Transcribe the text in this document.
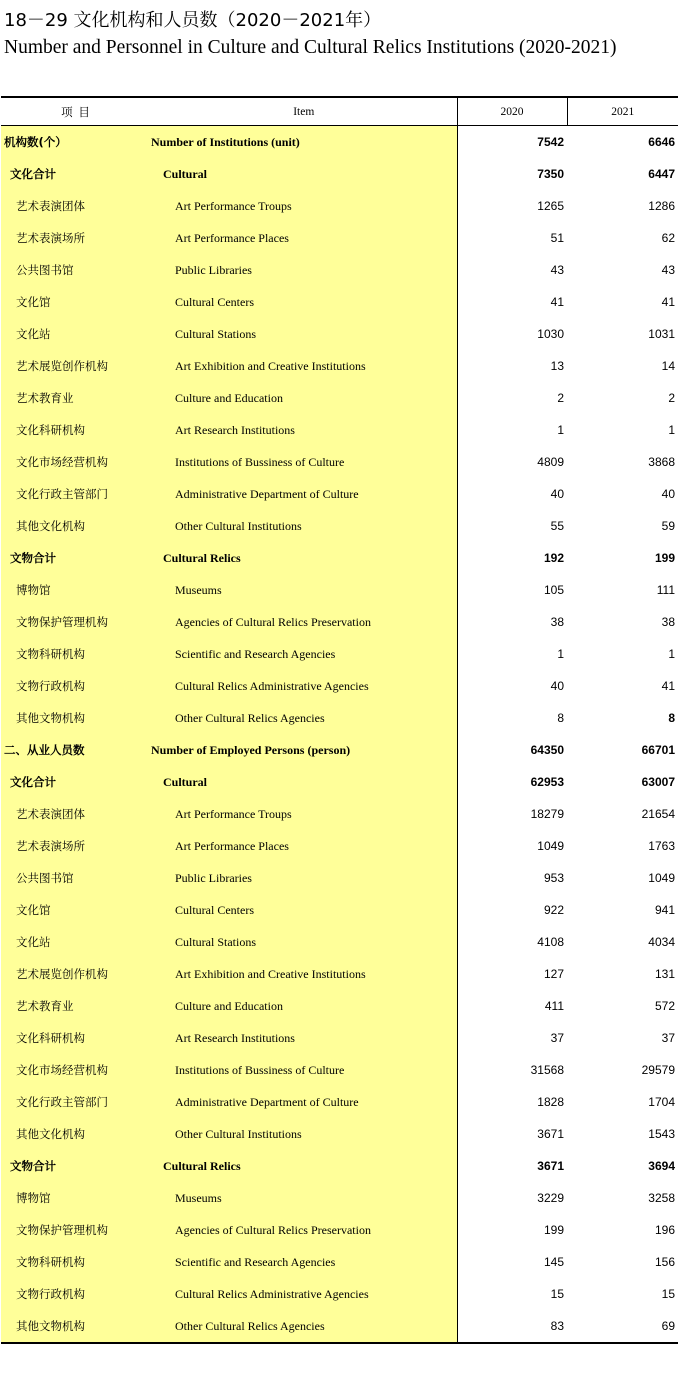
18－29 文化机构和人员数（2020－2021年）
Number and Personnel in Culture and Cultural Relics Institutions (2020-2021)
项 目	Item	2020	2021
机构数(个）	Number of Institutions (unit)	7542	6646
文化合计	Cultural	7350	6447
艺术表演团体	Art Performance Troups	1265	1286
艺术表演场所	Art Performance Places	51	62
公共图书馆	Public Libraries	43	43
文化馆	Cultural Centers	41	41
文化站	Cultural Stations	1030	1031
艺术展览创作机构	Art Exhibition and Creative Institutions	13	14
艺术教育业	Culture and Education	2	2
文化科研机构	Art Research Institutions	1	1
文化市场经营机构	Institutions of Bussiness of Culture	4809	3868
文化行政主管部门	Administrative Department of Culture	40	40
其他文化机构	Other Cultural Institutions	55	59
文物合计	Cultural Relics	192	199
博物馆	Museums	105	111
文物保护管理机构	Agencies of Cultural Relics Preservation	38	38
文物科研机构	Scientific and Research Agencies	1	1
文物行政机构	Cultural Relics Administrative Agencies	40	41
其他文物机构	Other Cultural Relics Agencies	8	8
二、从业人员数	Number of Employed Persons (person)	64350	66701
文化合计	Cultural	62953	63007
艺术表演团体	Art Performance Troups	18279	21654
艺术表演场所	Art Performance Places	1049	1763
公共图书馆	Public Libraries	953	1049
文化馆	Cultural Centers	922	941
文化站	Cultural Stations	4108	4034
艺术展览创作机构	Art Exhibition and Creative Institutions	127	131
艺术教育业	Culture and Education	411	572
文化科研机构	Art Research Institutions	37	37
文化市场经营机构	Institutions of Bussiness of Culture	31568	29579
文化行政主管部门	Administrative Department of Culture	1828	1704
其他文化机构	Other Cultural Institutions	3671	1543
文物合计	Cultural Relics	3671	3694
博物馆	Museums	3229	3258
文物保护管理机构	Agencies of Cultural Relics Preservation	199	196
文物科研机构	Scientific and Research Agencies	145	156
文物行政机构	Cultural Relics Administrative Agencies	15	15
其他文物机构	Other Cultural Relics Agencies	83	69
